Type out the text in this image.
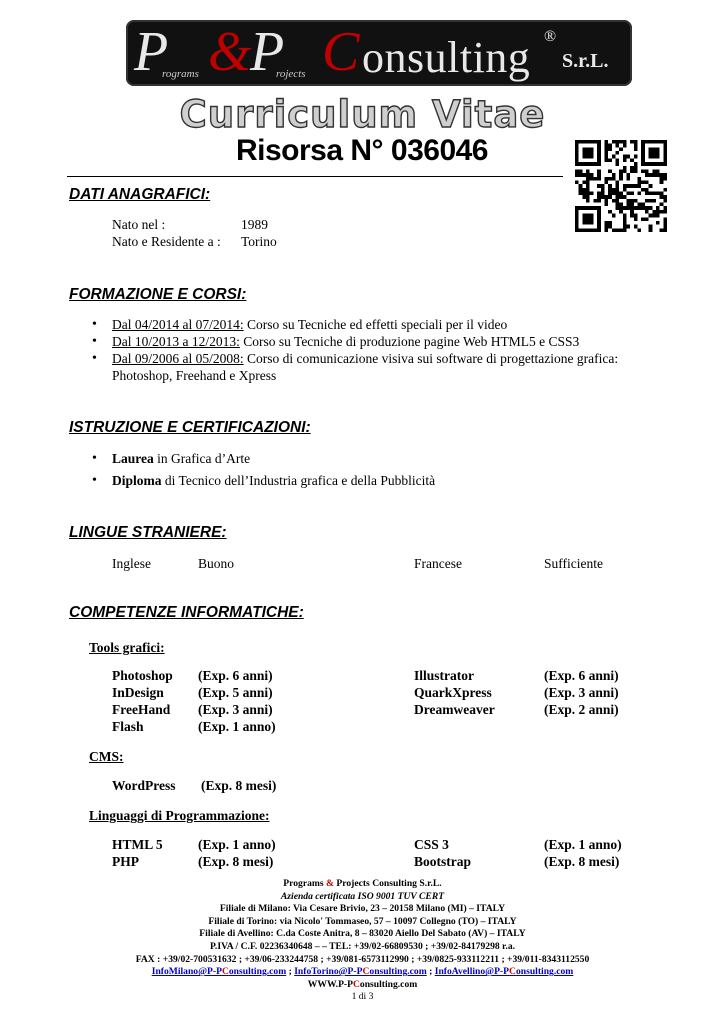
P
rograms &
P
rojects C onsulting ®
S.r.L.
Curriculum Vitae
Risorsa N° 036046
DATI ANAGRAFICI:
Nato nel :	1989
Nato e Residente a : Torino
FORMAZIONE E CORSI:
• Dal 04/2014 al 07/2014: Corso su Tecniche ed effetti speciali per il video
• Dal 10/2013 a 12/2013: Corso su Tecniche di produzione pagine Web HTML5 e CSS3
• Dal 09/2006 al 05/2008: Corso di comunicazione visiva sui software di progettazione grafica:
Photoshop, Freehand e Xpress
ISTRUZIONE E CERTIFICAZIONI:
• Laurea in Grafica d’Arte
• Diploma di Tecnico dell’Industria grafica e della Pubblicità
LINGUE STRANIERE:
Inglese	Buono	Francese	Sufficiente
COMPETENZE INFORMATICHE:
Tools grafici:
Photoshop (Exp. 6 anni)	Illustrator	(Exp. 6 anni)
InDesign	(Exp. 5 anni)	QuarkXpress	(Exp. 3 anni)
FreeHand (Exp. 3 anni)	Dreamweaver	(Exp. 2 anni)
Flash	(Exp. 1 anno)
CMS:
WordPress (Exp. 8 mesi)
Linguaggi di Programmazione:
HTML 5	(Exp. 1 anno)	CSS 3	(Exp. 1 anno)
PHP	(Exp. 8 mesi)	Bootstrap	(Exp. 8 mesi)
Programs & Projects Consulting S.r.L.
Azienda certificata ISO 9001 TUV CERT
Filiale di Milano: Via Cesare Brivio, 23 – 20158 Milano (MI) – ITALY
Filiale di Torino: via Nicolo' Tommaseo, 57 – 10097 Collegno (TO) – ITALY
Filiale di Avellino: C.da Coste Anitra, 8 – 83020 Aiello Del Sabato (AV) – ITALY
P.IVA / C.F. 02236340648 – – TEL: +39/02-66809530 ; +39/02-84179298 r.a.
FAX : +39/02-700531632 ; +39/06-233244758 ; +39/081-6573112990 ; +39/0825-933112211 ; +39/011-8343112550
InfoMilano@P-PConsulting.com ; InfoTorino@P-PConsulting.com ; InfoAvellino@P-PConsulting.com
WWW.P-PConsulting.com
1 di 3
